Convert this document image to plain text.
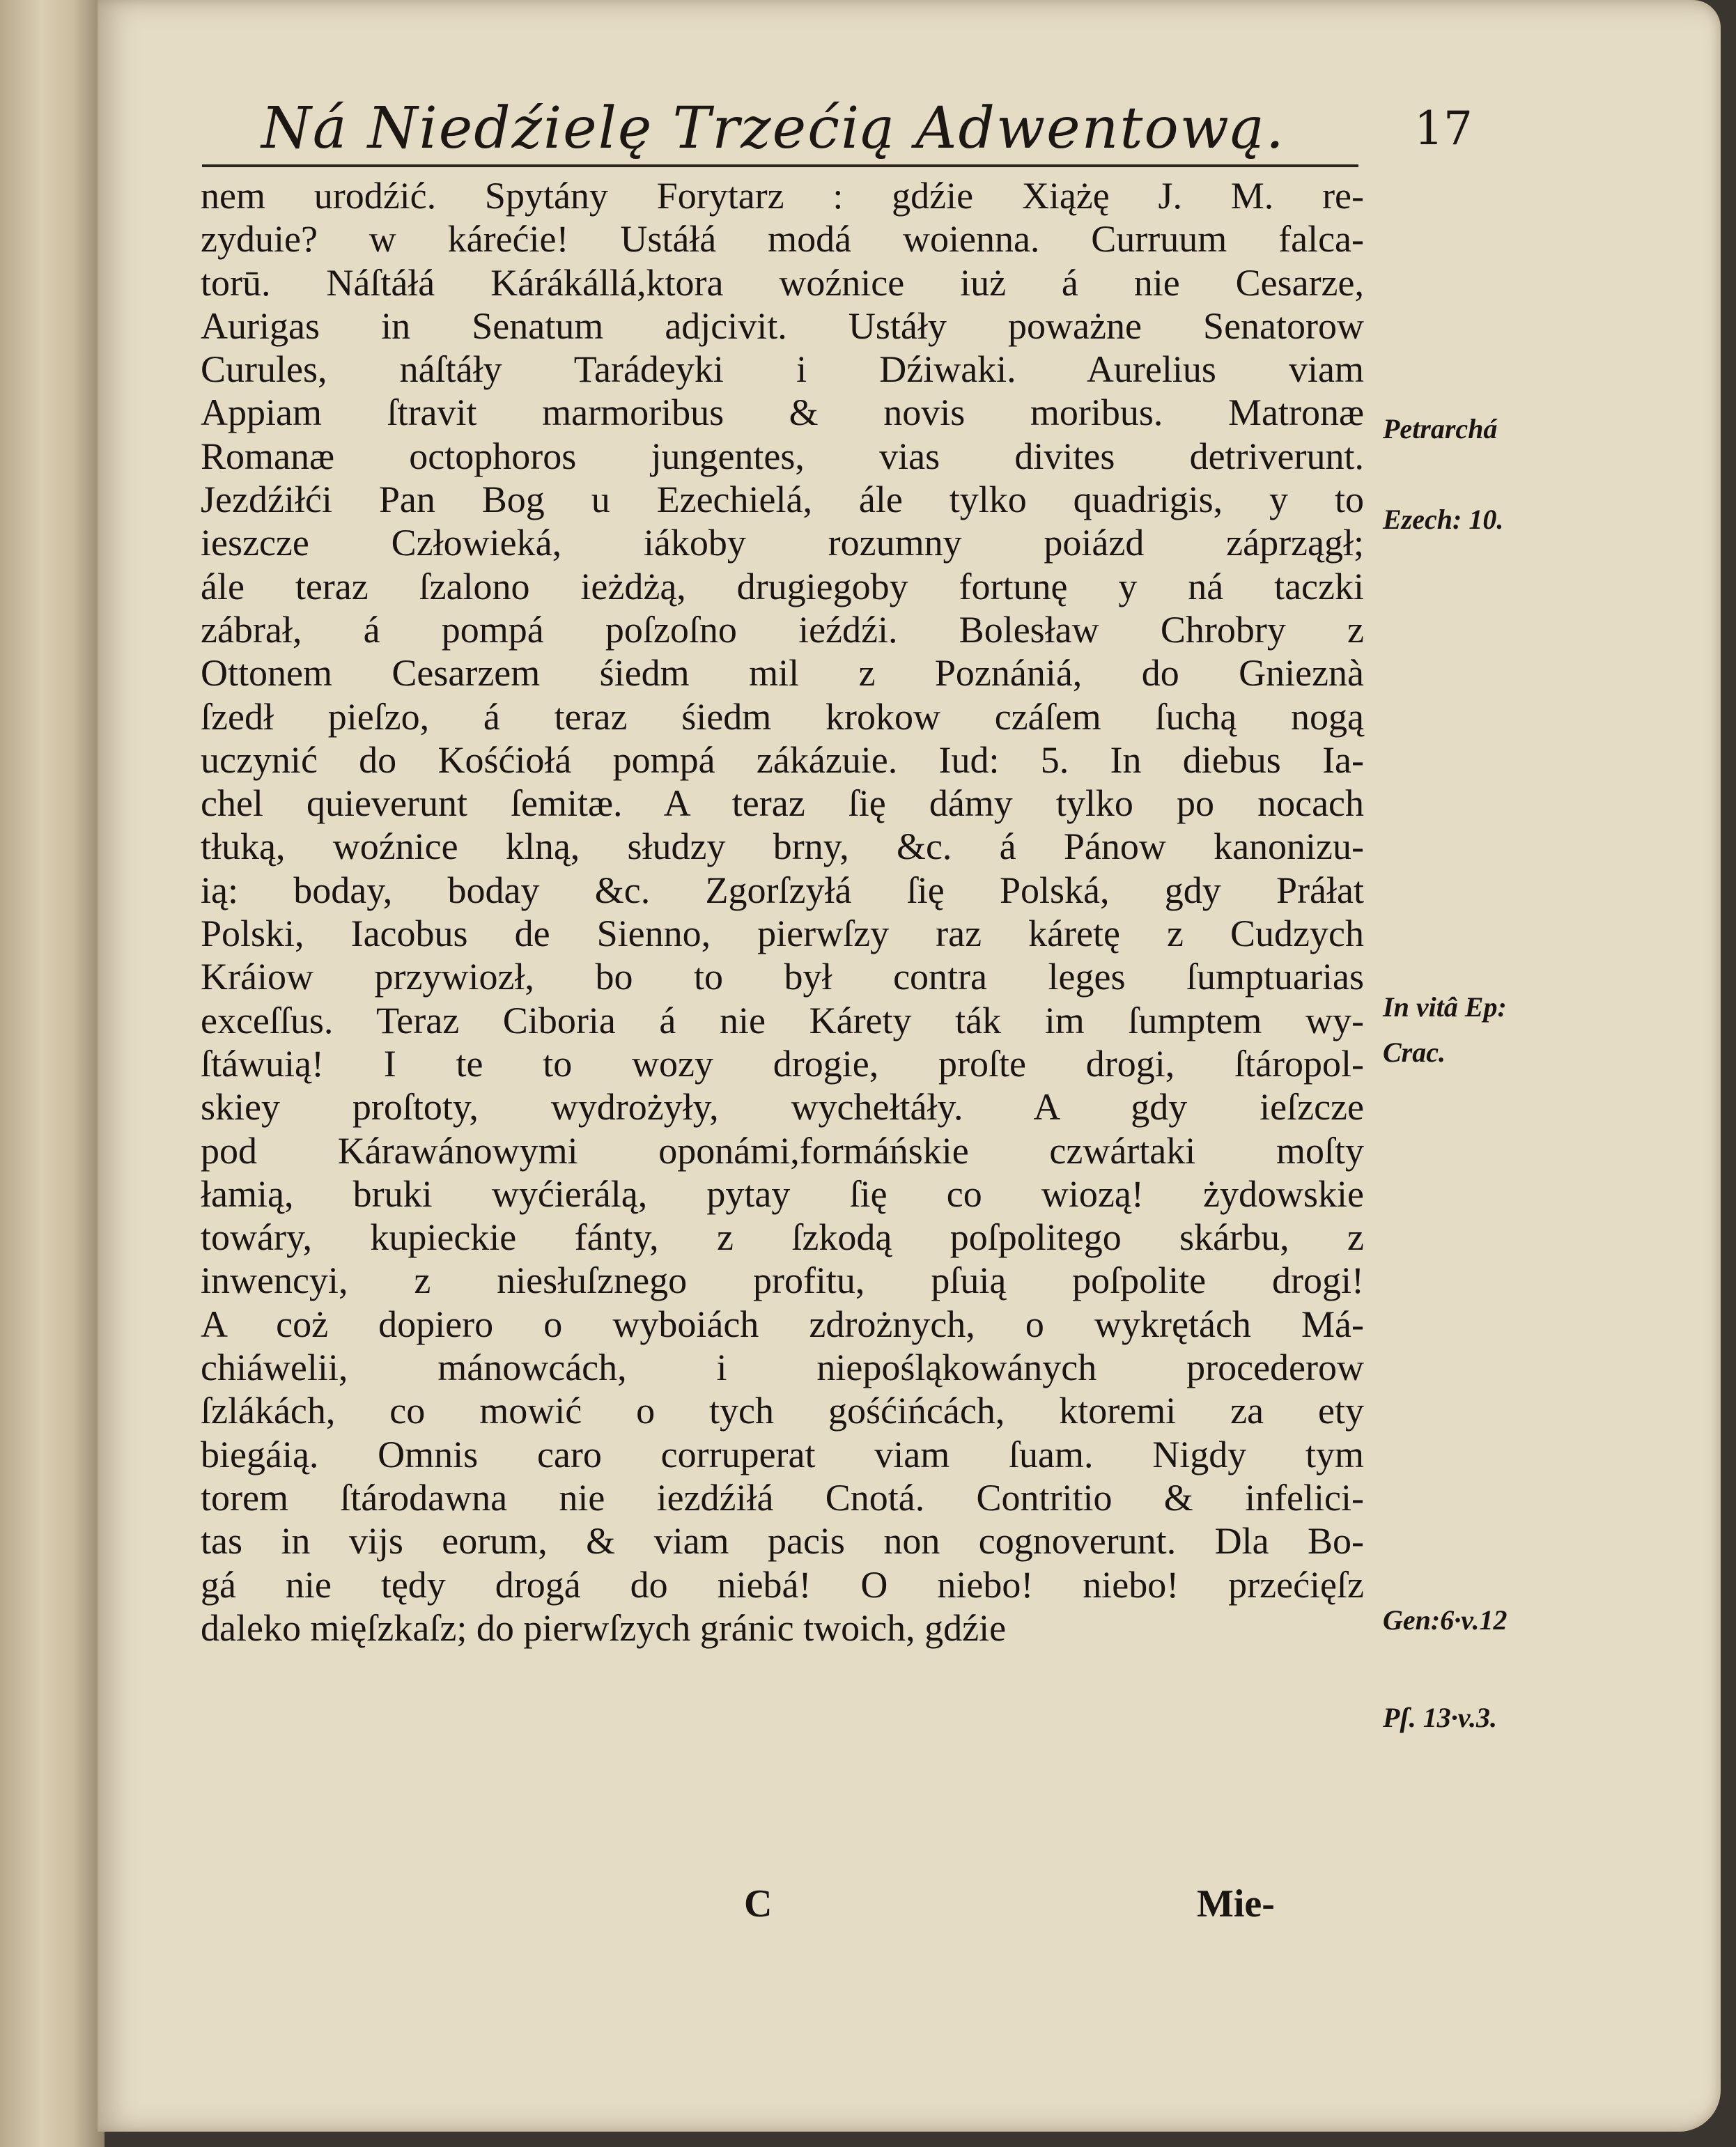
Ná Niedźielę Trzećią Adwentową.	17
nem urodźić. Spytány Forytarz : gdźie Xiążę J. M. re-
zyduie? w kárećie! Ustáłá modá woienna. Curruum falca-
torū. Náſtáłá Kárákállá,ktora woźnice iuż á nie Cesarze,
Aurigas in Senatum adjcivit. Ustáły poważne Senatorow
Curules, náſtáły Tarádeyki i Dźiwaki. Aurelius viam
Appiam ſtravit marmoribus & novis moribus. Matronæ
Romanæ octophoros jungentes, vias divites detriverunt.
Jezdźiłći Pan Bog u Ezechielá, ále tylko quadrigis, y to
ieszcze Człowieká, iákoby rozumny poiázd záprzągł;
ále teraz ſzalono ieżdżą, drugiegoby fortunę y ná taczki
zábrał, á pompá poſzoſno ieźdźi. Bolesław Chrobry z
Ottonem Cesarzem śiedm mil z Poznániá, do Gnieznà
ſzedł pieſzo, á teraz śiedm krokow czáſem ſuchą nogą
uczynić do Kośćiołá pompá zákázuie. Iud: 5. In diebus Ia-
chel quieverunt ſemitæ. A teraz ſię dámy tylko po nocach
tłuką, woźnice klną, słudzy brny, &c. á Pánow kanonizu-
ią: boday, boday &c. Zgorſzyłá ſię Polská, gdy Práłat
Polski, Iacobus de Sienno, pierwſzy raz káretę z Cudzych
Kráiow przywiozł, bo to był contra leges ſumptuarias
exceſſus. Teraz Ciboria á nie Kárety ták im ſumptem wy-
ſtáwuią! I te to wozy drogie, proſte drogi, ſtáropol-
skiey proſtoty, wydrożyły, wychełtáły. A gdy ieſzcze
pod Kárawánowymi oponámi,formáńskie czwártaki moſty
łamią, bruki wyćierálą, pytay ſię co wiozą! żydowskie
towáry, kupieckie fánty, z ſzkodą poſpolitego skárbu, z
inwencyi, z niesłuſznego profitu, pſuią poſpolite drogi!
A coż dopiero o wyboiách zdrożnych, o wykrętách Má-
chiáwelii, mánowcách, i niepośląkowánych procederow
ſzlákách, co mowić o tych gośćińcách, ktoremi za ety
biegáią. Omnis caro corruperat viam ſuam. Nigdy tym
torem ſtárodawna nie iezdźiłá Cnotá. Contritio & infelici-
tas in vijs eorum, & viam pacis non cognoverunt. Dla Bo-
gá nie tędy drogá do niebá! O niebo! niebo! przećięſz
daleko mięſzkaſz; do pierwſzych gránic twoich, gdźie
Petrarchá
Ezech: 10.
In vitâ Ep:
Crac.
Gen:6·v.12
Pſ. 13·v.3.
C	Mie-
